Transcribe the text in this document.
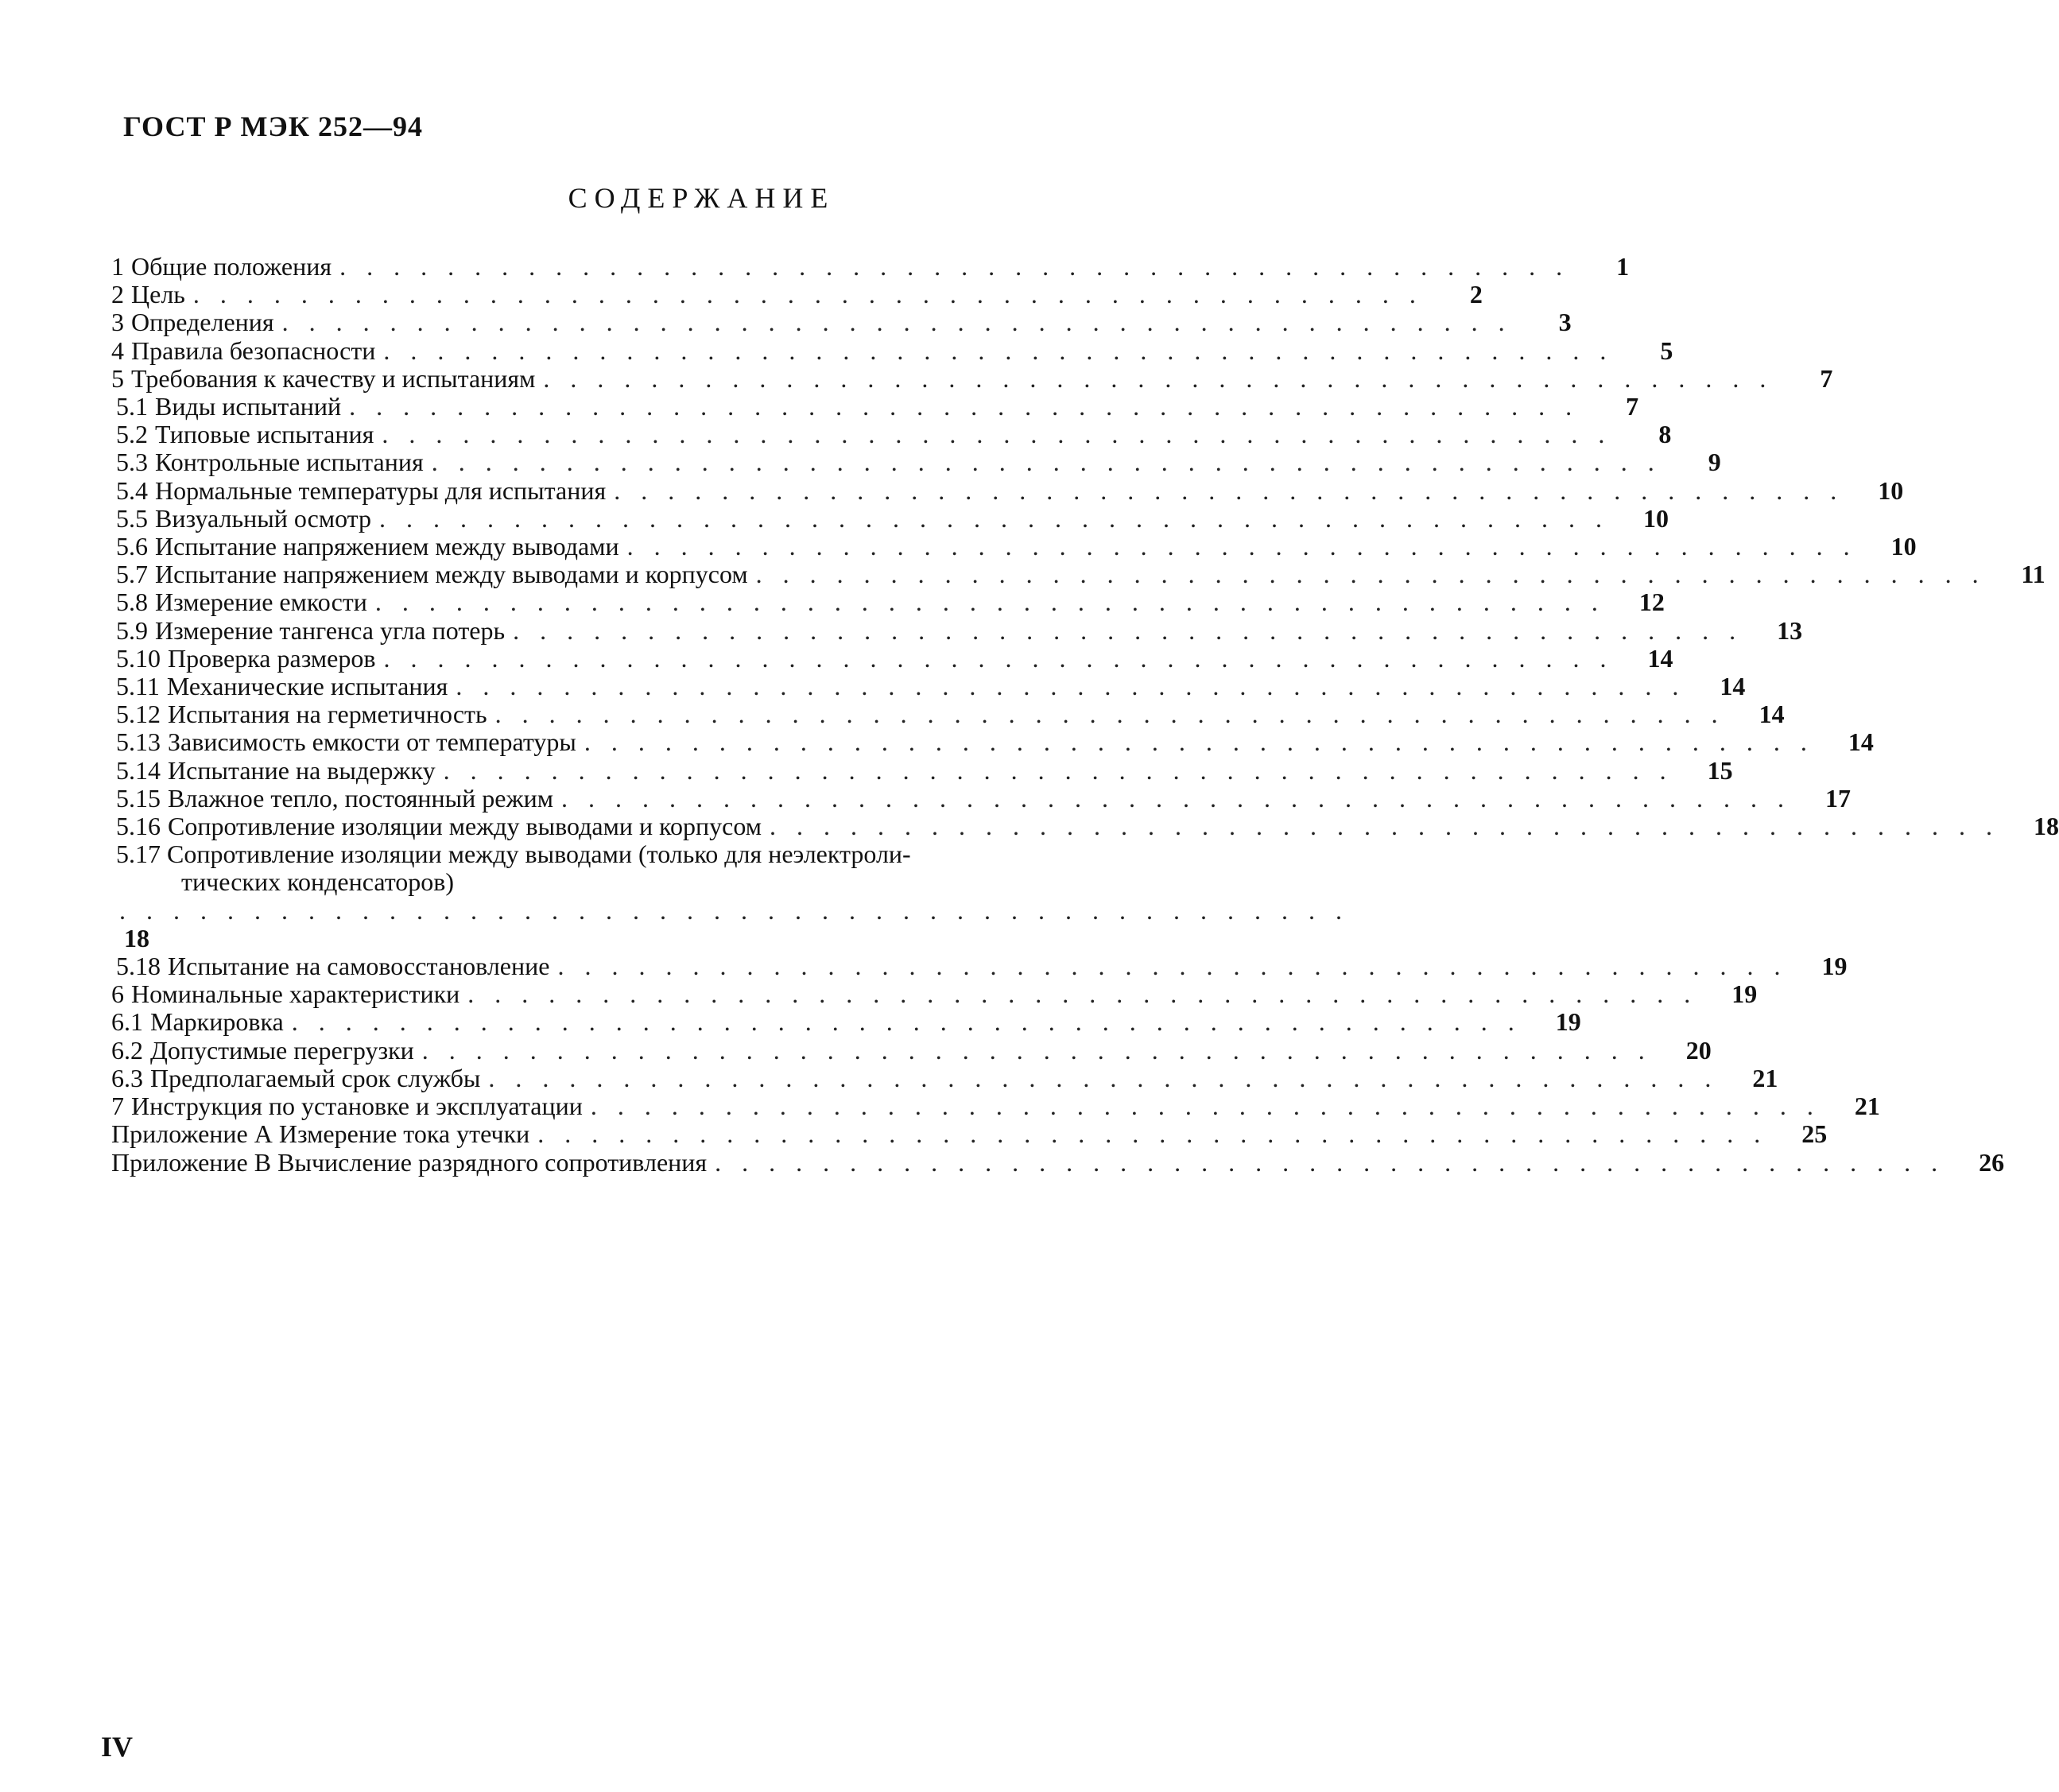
ГОСТ Р МЭК 252—94
СОДЕРЖАНИЕ
1 Общие положения ..............................................	1
2 Цель ..............................................	2
3 Определения ..............................................	3
4 Правила безопасности ..............................................	5
5 Требования к качеству и испытаниям ..............................................	7
5.1 Виды испытаний ..............................................	7
5.2 Типовые испытания ..............................................	8
5.3 Контрольные испытания ..............................................	9
5.4 Нормальные температуры для испытания .............................................. 10
5.5 Визуальный осмотр .............................................. 10
5.6 Испытание напряжением между выводами .............................................. 10
5.7 Испытание напряжением между выводами и корпусом .............................................. 11
5.8 Измерение емкости .............................................. 12
5.9 Измерение тангенса угла потерь .............................................. 13
5.10 Проверка размеров .............................................. 14
5.11 Механические испытания .............................................. 14
5.12 Испытания на герметичность .............................................. 14
5.13 Зависимость емкости от температуры .............................................. 14
5.14 Испытание на выдержку .............................................. 15
5.15 Влажное тепло, постоянный режим .............................................. 17
5.16 Сопротивление изоляции между выводами и корпусом .............................................. 18
5.17 Сопротивление изоляции между выводами (только для неэлектроли-
тических конденсаторов)
..............................................
18
5.18 Испытание на самовосстановление .............................................. 19
6 Номинальные характеристики .............................................. 19
6.1 Маркировка .............................................. 19
6.2 Допустимые перегрузки .............................................. 20
6.3 Предполагаемый срок службы .............................................. 21
7 Инструкция по установке и эксплуатации .............................................. 21
Приложение А Измерение тока утечки .............................................. 25
Приложение В Вычисление разрядного сопротивления .............................................. 26
IV
